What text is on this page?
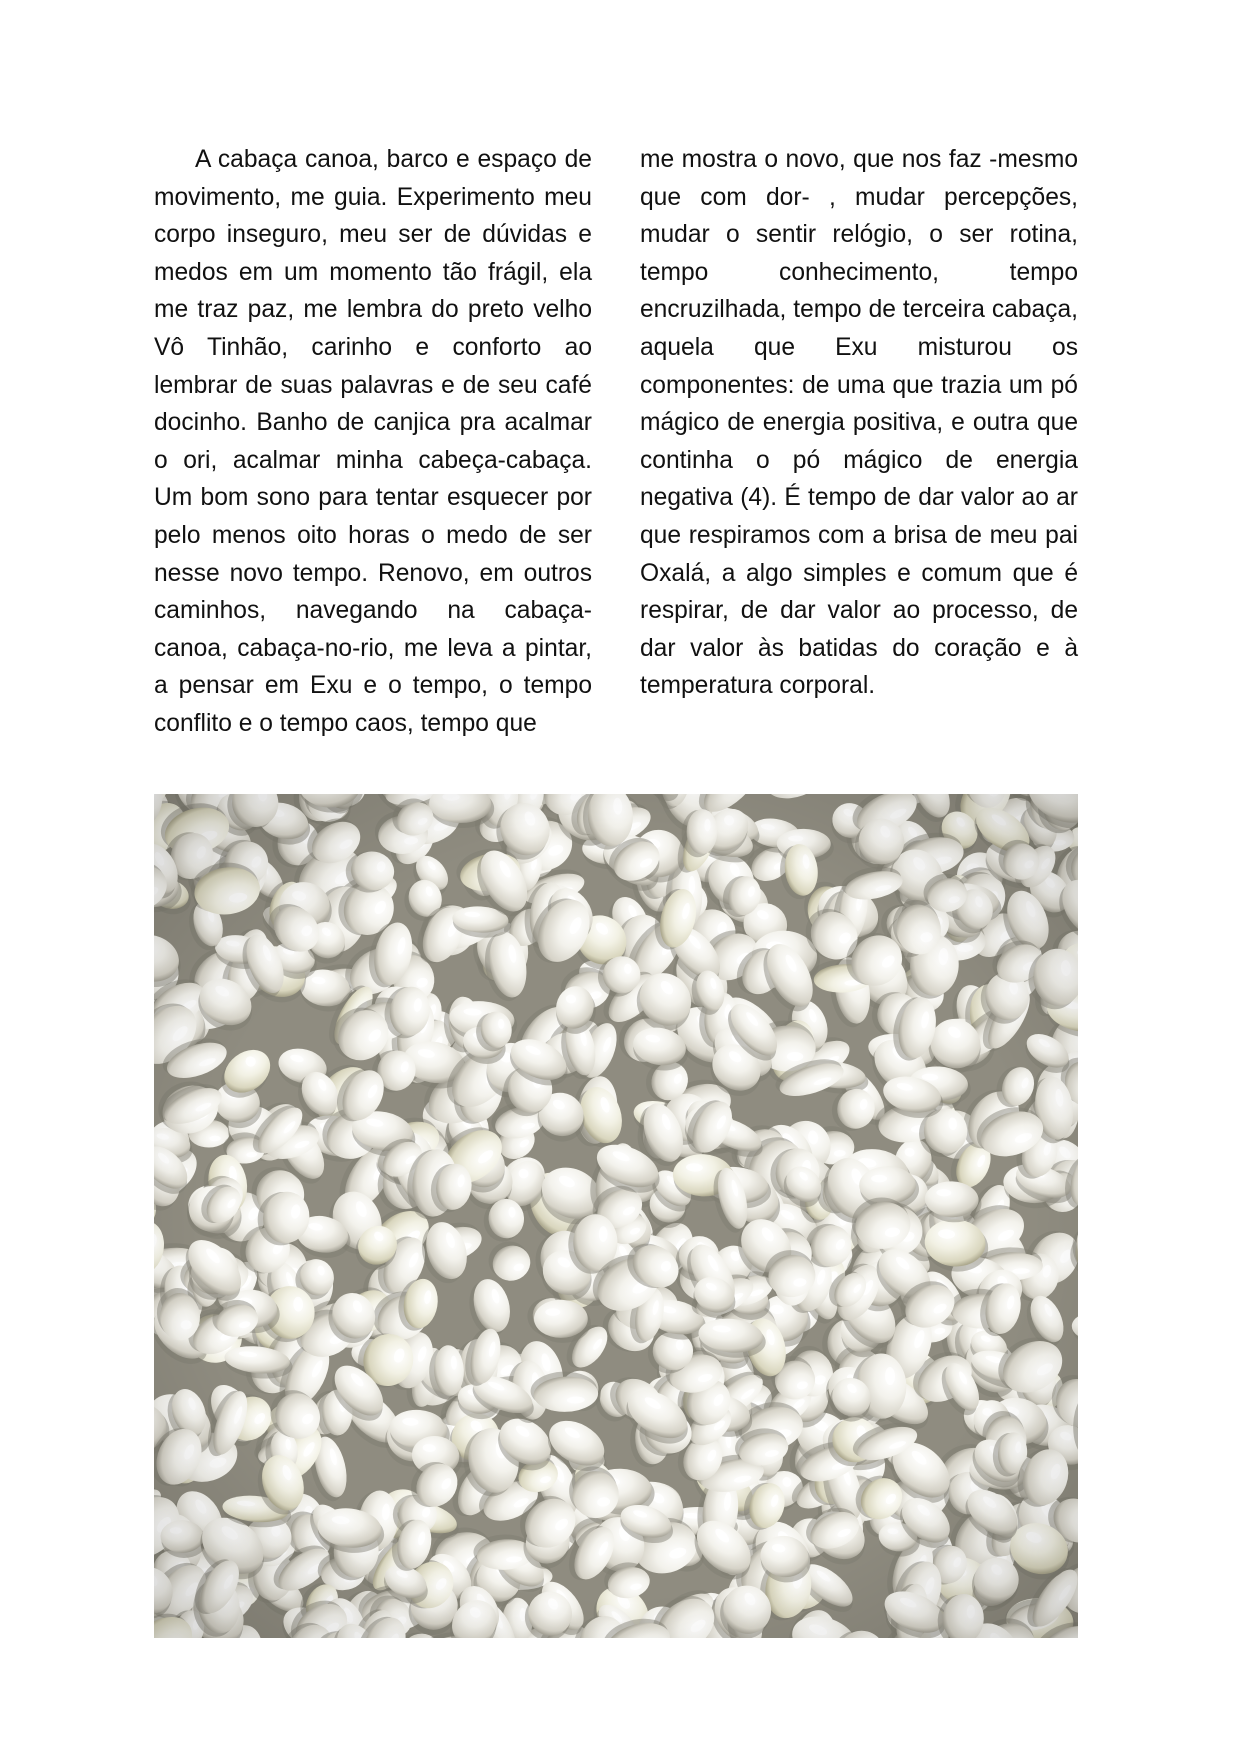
A cabaça canoa, barco e espaço de movimento, me guia. Experimento meu corpo inseguro, meu ser de dúvidas e medos em um momento tão frágil, ela me traz paz, me lembra do preto velho Vô Tinhão, carinho e conforto ao lembrar de suas palavras e de seu café docinho. Banho de canjica pra acalmar o ori, acalmar minha cabeça-cabaça. Um bom sono para tentar esquecer por pelo menos oito horas o medo de ser nesse novo tempo. Renovo, em outros caminhos, navegando na cabaça-canoa, cabaça-no-rio, me leva a pintar, a pensar em Exu e o tempo, o tempo conflito e o tempo caos, tempo que

me mostra o novo, que nos faz -mesmo que com dor- , mudar percepções, mudar o sentir relógio, o ser rotina, tempo conhecimento, tempo encruzilhada, tempo de terceira cabaça, aquela que Exu misturou os componentes: de uma que trazia um pó mágico de energia positiva, e outra que continha o pó mágico de energia negativa (4). É tempo de dar valor ao ar que respiramos com a brisa de meu pai Oxalá, a algo simples e comum que é respirar, de dar valor ao processo, de dar valor às batidas do coração e à temperatura corporal.
